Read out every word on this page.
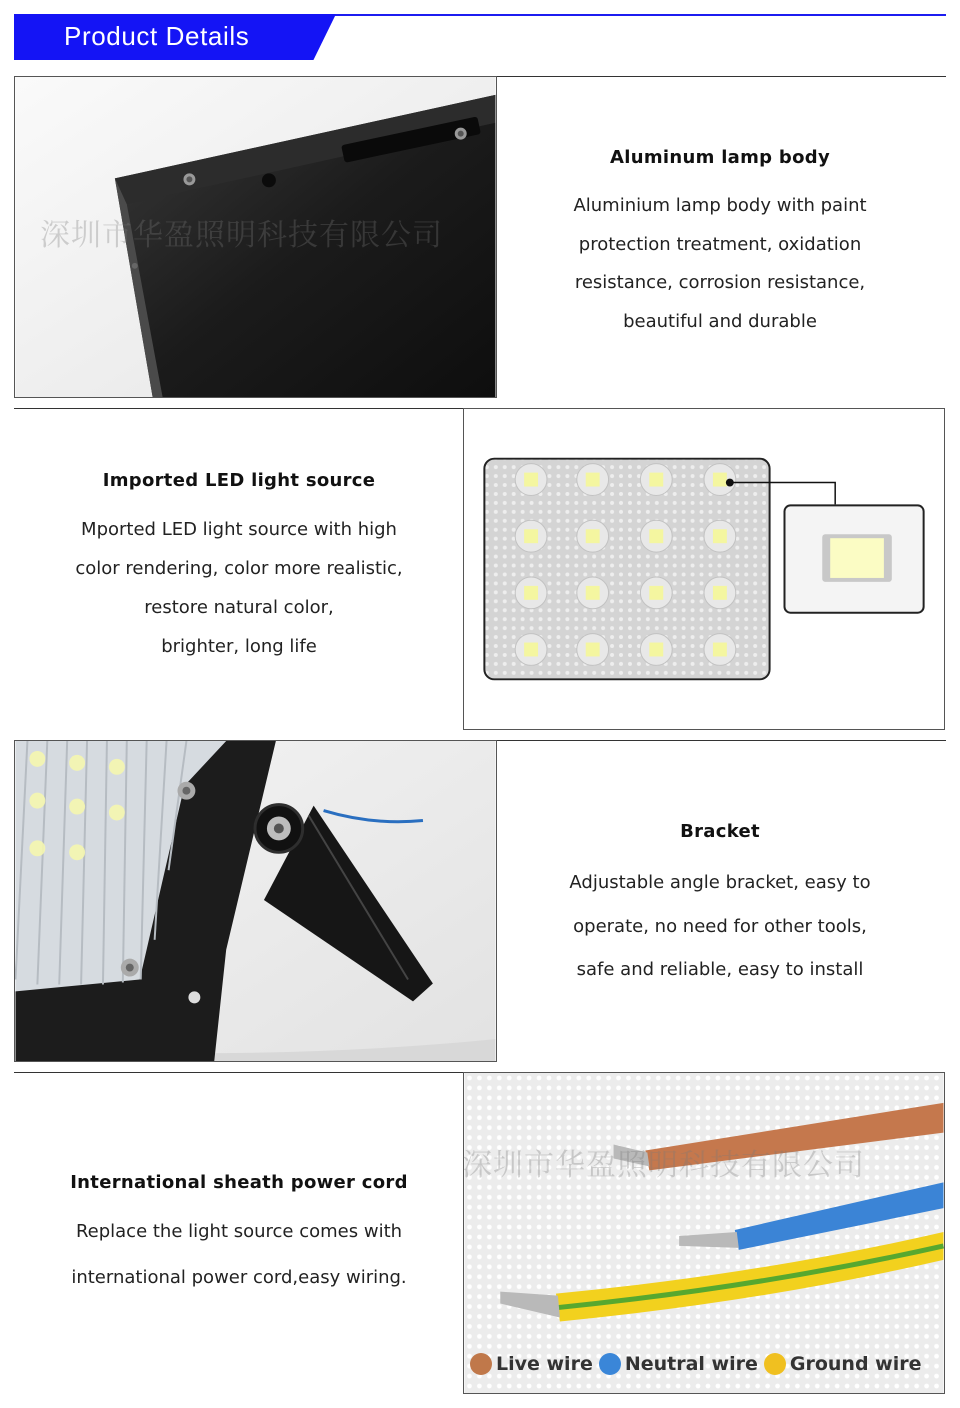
Product Details
深圳市华盈照明科技有限公司
Aluminum lamp body
Aluminium lamp body with paint
protection treatment, oxidation
resistance, corrosion resistance,
beautiful and durable
Imported LED light source
Mported LED light source with high
color rendering, color more realistic,
restore natural color,
brighter, long life
Bracket
Adjustable angle bracket, easy to
operate, no need for other tools,
safe and reliable, easy to install
深圳市华盈照明科技有限公司
Live wire Neutral wire Ground wire
International sheath power cord
Replace the light source comes with
international power cord,easy wiring.
